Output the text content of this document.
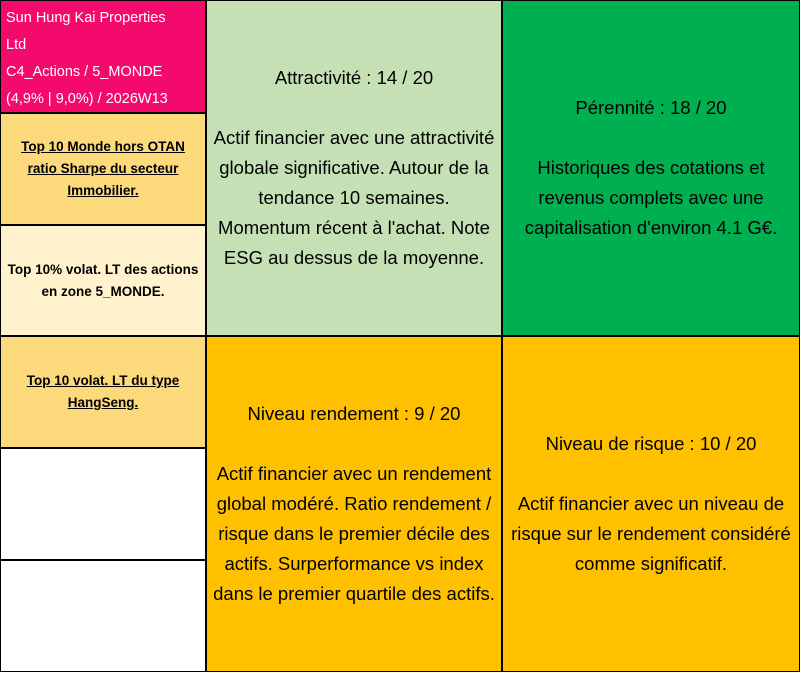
Sun Hung Kai Properties
Ltd
C4_Actions / 5_MONDE
(4,9% | 9,0%) / 2026W13
Top 10 Monde hors OTAN ratio Sharpe du secteur Immobilier.
Top 10% volat. LT des actions en zone 5_MONDE.
Top 10 volat. LT du type HangSeng.
Attractivité : 14 / 20
Actif financier avec une attractivité globale significative. Autour de la tendance 10 semaines. Momentum récent à l'achat. Note ESG au dessus de la moyenne.
Pérennité : 18 / 20
Historiques des cotations et revenus complets avec une capitalisation d'environ 4.1 G€.
Niveau rendement : 9 / 20
Actif financier avec un rendement global modéré. Ratio rendement / risque dans le premier décile des actifs. Surperformance vs index dans le premier quartile des actifs.
Niveau de risque : 10 / 20
Actif financier avec un niveau de risque sur le rendement considéré comme significatif.
